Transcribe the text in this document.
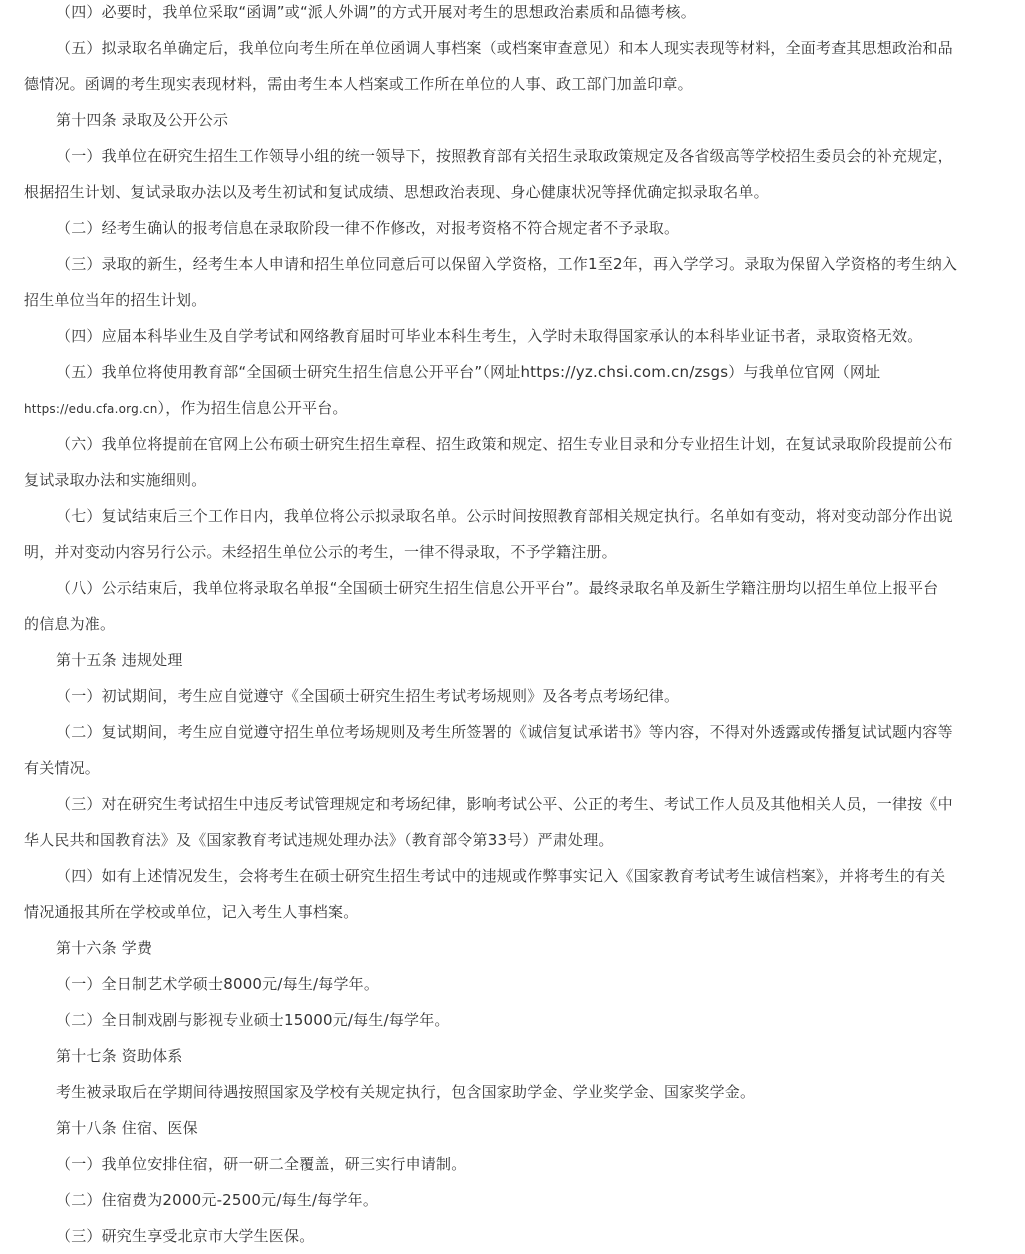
（四）必要时，我单位采取“函调”或“派人外调”的方式开展对考生的思想政治素质和品德考核。
（五）拟录取名单确定后，我单位向考生所在单位函调人事档案（或档案审查意见）和本人现实表现等材料，全面考查其思想政治和品
德情况。函调的考生现实表现材料，需由考生本人档案或工作所在单位的人事、政工部门加盖印章。
第十四条 录取及公开公示
（一）我单位在研究生招生工作领导小组的统一领导下，按照教育部有关招生录取政策规定及各省级高等学校招生委员会的补充规定，
根据招生计划、复试录取办法以及考生初试和复试成绩、思想政治表现、身心健康状况等择优确定拟录取名单。
（二）经考生确认的报考信息在录取阶段一律不作修改，对报考资格不符合规定者不予录取。
（三）录取的新生，经考生本人申请和招生单位同意后可以保留入学资格，工作1至2年，再入学学习。录取为保留入学资格的考生纳入
招生单位当年的招生计划。
（四）应届本科毕业生及自学考试和网络教育届时可毕业本科生考生，入学时未取得国家承认的本科毕业证书者，录取资格无效。
（五）我单位将使用教育部“全国硕士研究生招生信息公开平台”（网址https://yz.chsi.com.cn/zsgs）与我单位官网（网址
https://edu.cfa.org.cn），作为招生信息公开平台。
（六）我单位将提前在官网上公布硕士研究生招生章程、招生政策和规定、招生专业目录和分专业招生计划，在复试录取阶段提前公布
复试录取办法和实施细则。
（七）复试结束后三个工作日内，我单位将公示拟录取名单。公示时间按照教育部相关规定执行。名单如有变动，将对变动部分作出说
明，并对变动内容另行公示。未经招生单位公示的考生，一律不得录取，不予学籍注册。
（八）公示结束后，我单位将录取名单报“全国硕士研究生招生信息公开平台”。最终录取名单及新生学籍注册均以招生单位上报平台
的信息为准。
第十五条 违规处理
（一）初试期间，考生应自觉遵守《全国硕士研究生招生考试考场规则》及各考点考场纪律。
（二）复试期间，考生应自觉遵守招生单位考场规则及考生所签署的《诚信复试承诺书》等内容，不得对外透露或传播复试试题内容等
有关情况。
（三）对在研究生考试招生中违反考试管理规定和考场纪律，影响考试公平、公正的考生、考试工作人员及其他相关人员，一律按《中
华人民共和国教育法》及《国家教育考试违规处理办法》（教育部令第33号）严肃处理。
（四）如有上述情况发生，会将考生在硕士研究生招生考试中的违规或作弊事实记入《国家教育考试考生诚信档案》，并将考生的有关
情况通报其所在学校或单位，记入考生人事档案。
第十六条 学费
（一）全日制艺术学硕士8000元/每生/每学年。
（二）全日制戏剧与影视专业硕士15000元/每生/每学年。
第十七条 资助体系
考生被录取后在学期间待遇按照国家及学校有关规定执行，包含国家助学金、学业奖学金、国家奖学金。
第十八条 住宿、医保
（一）我单位安排住宿，研一研二全覆盖，研三实行申请制。
（二）住宿费为2000元-2500元/每生/每学年。
（三）研究生享受北京市大学生医保。
